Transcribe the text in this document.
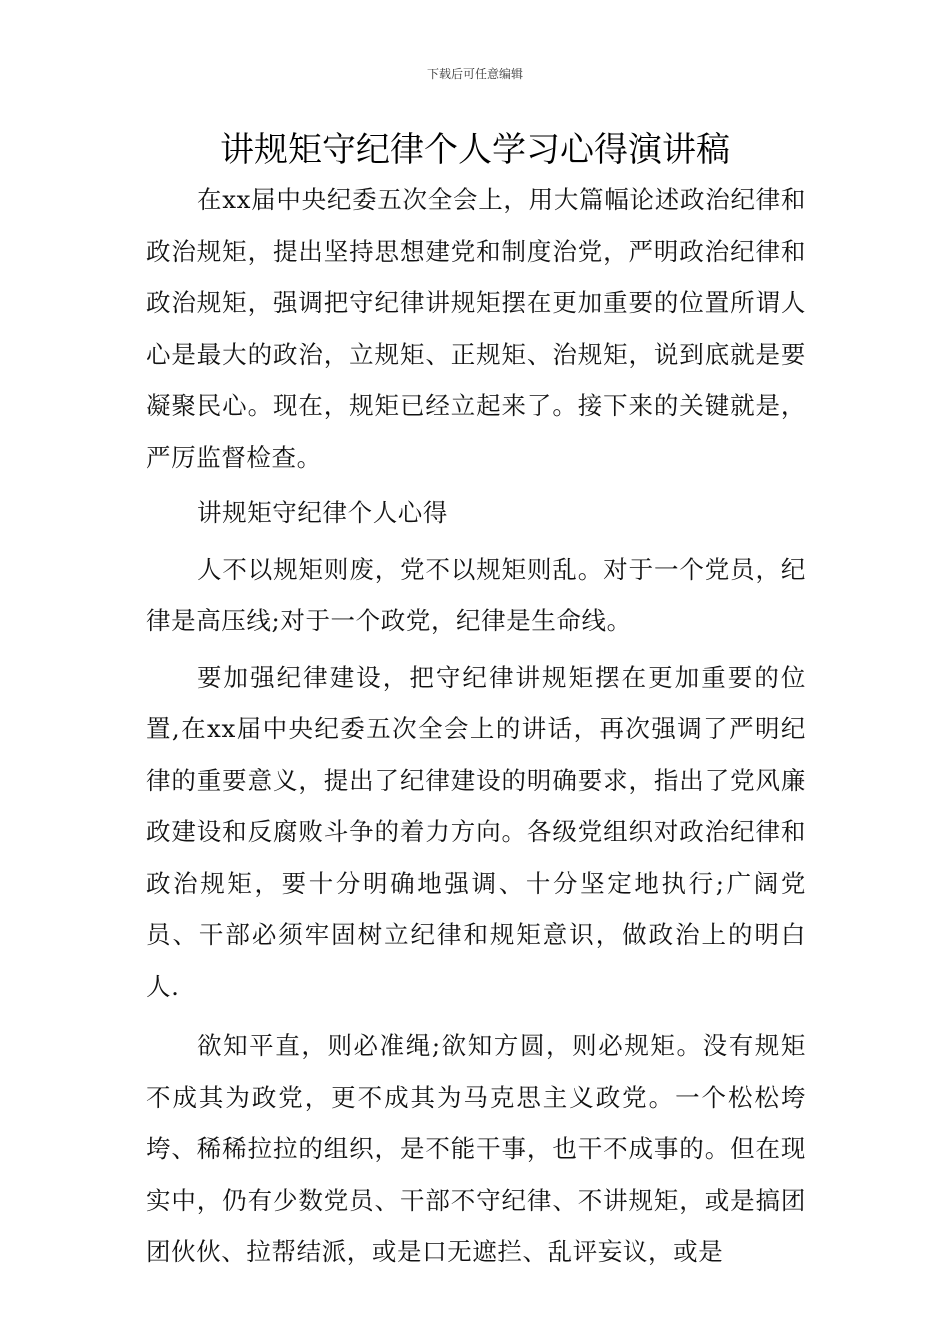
下载后可任意编辑
讲规矩守纪律个人学习心得演讲稿

在xx届中央纪委五次全会上，用大篇幅论述政治纪律和政治规矩，提出坚持思想建党和制度治党，严明政治纪律和政治规矩，强调把守纪律讲规矩摆在更加重要的位置所谓人心是最大的政治，立规矩、正规矩、治规矩，说到底就是要凝聚民心。现在，规矩已经立起来了。接下来的关键就是，严厉监督检查。

讲规矩守纪律个人心得

人不以规矩则废，党不以规矩则乱。对于一个党员，纪律是高压线;对于一个政党，纪律是生命线。

要加强纪律建设，把守纪律讲规矩摆在更加重要的位置,在xx届中央纪委五次全会上的讲话，再次强调了严明纪律的重要意义，提出了纪律建设的明确要求，指出了党风廉政建设和反腐败斗争的着力方向。各级党组织对政治纪律和政治规矩，要十分明确地强调、十分坚定地执行;广阔党员、干部必须牢固树立纪律和规矩意识，做政治上的明白人.

欲知平直，则必准绳;欲知方圆，则必规矩。没有规矩不成其为政党，更不成其为马克思主义政党。一个松松垮垮、稀稀拉拉的组织，是不能干事，也干不成事的。但在现实中，仍有少数党员、干部不守纪律、不讲规矩，或是搞团团伙伙、拉帮结派，或是口无遮拦、乱评妄议，或是
